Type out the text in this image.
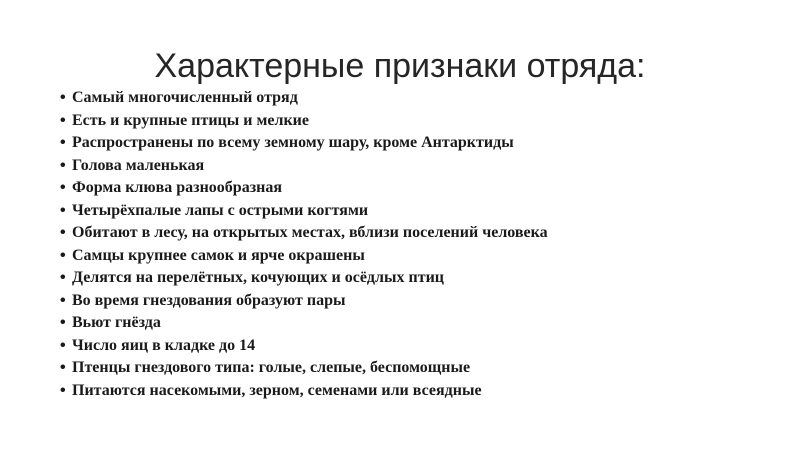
Характерные признаки отряда:
• Самый многочисленный отряд
• Есть и крупные птицы и мелкие
• Распространены по всему земному шару, кроме Антарктиды
• Голова маленькая
• Форма клюва разнообразная
• Четырёхпалые лапы с острыми когтями
• Обитают в лесу, на открытых местах, вблизи поселений человека
• Самцы крупнее самок и ярче окрашены
• Делятся на перелётных, кочующих и осёдлых птиц
• Во время гнездования образуют пары
• Вьют гнёзда
• Число яиц в кладке до 14
• Птенцы гнездового типа: голые, слепые, беспомощные
• Питаются насекомыми, зерном, семенами или всеядные
